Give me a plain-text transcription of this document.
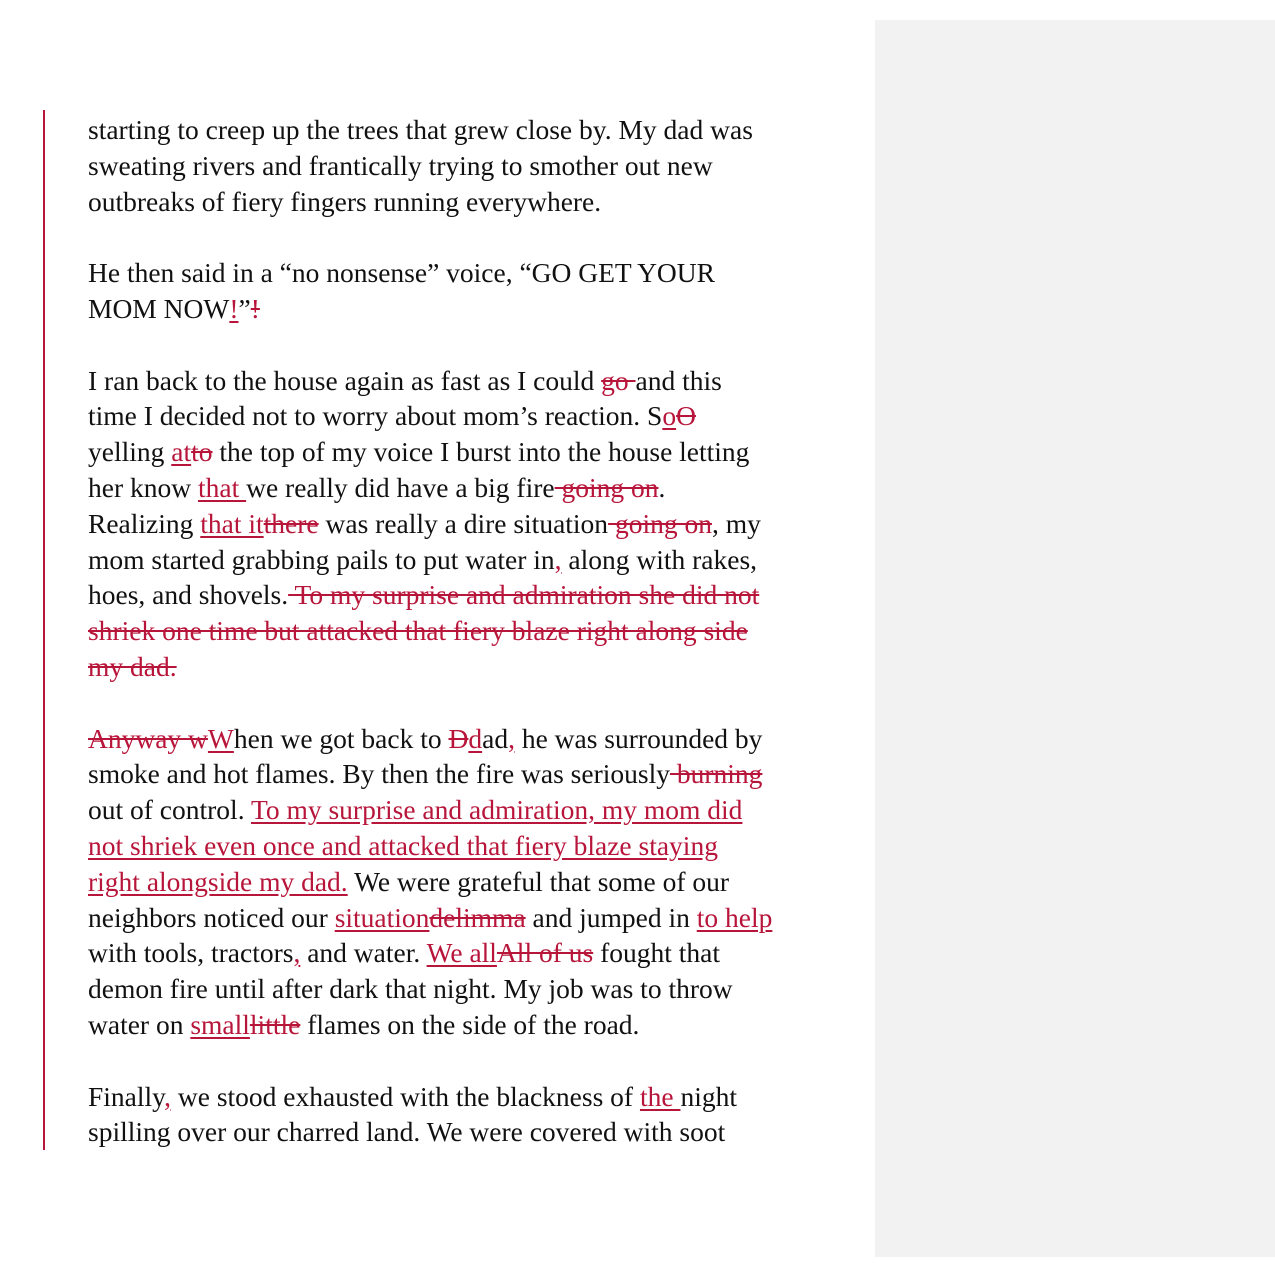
starting to creep up the trees that grew close by. My dad was
sweating rivers and frantically trying to smother out new
outbreaks of fiery fingers running everywhere.
He then said in a “no nonsense” voice, “GO GET YOUR
MOM NOW!”!
I ran back to the house again as fast as I could go and this
time I decided not to worry about mom’s reaction. SoO
yelling atto the top of my voice I burst into the house letting
her know that we really did have a big fire going on.
Realizing that itthere was really a dire situation going on, my
mom started grabbing pails to put water in, along with rakes,
hoes, and shovels. To my surprise and admiration she did not
shriek one time but attacked that fiery blaze right along side
my dad.
Anyway wWhen we got back to Ddad, he was surrounded by
smoke and hot flames. By then the fire was seriously burning
out of control. To my surprise and admiration, my mom did
not shriek even once and attacked that fiery blaze staying
right alongside my dad. We were grateful that some of our
neighbors noticed our situationdelimma and jumped in to help
with tools, tractors, and water. We allAll of us fought that
demon fire until after dark that night. My job was to throw
water on smalllittle flames on the side of the road.
Finally, we stood exhausted with the blackness of the night
spilling over our charred land. We were covered with soot
